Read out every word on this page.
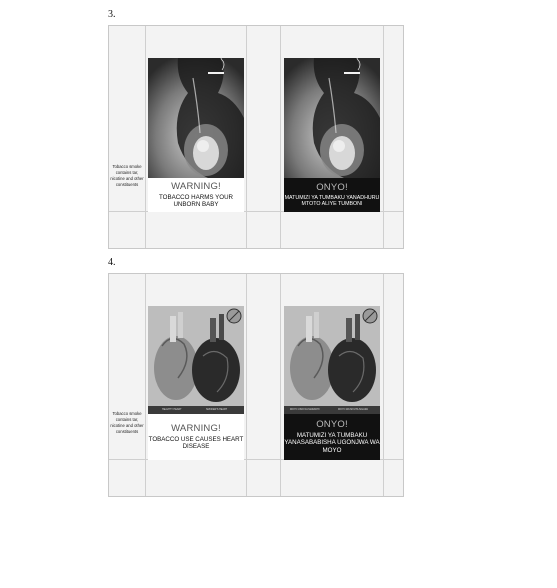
3.
Tobacco smoke contains tar, nicotine and other constituents	WARNING!
TOBACCO HARMS YOUR UNBORN BABY
ONYO!
MATUMIZI YA TUMBAKU YANADHURU MTOTO ALIYE TUMBONI
4.
Tobacco smoke contains tar, nicotine and other constituents
HEALTHY HEART	SMOKER'S HEART
WARNING!
TOBACCO USE CAUSES HEART DISEASE
MOYO USIO NA MARADHI	MOYO WA MVUTA SIGARA
ONYO!
MATUMIZI YA TUMBAKU YANASABABISHA UGONJWA WA MOYO
